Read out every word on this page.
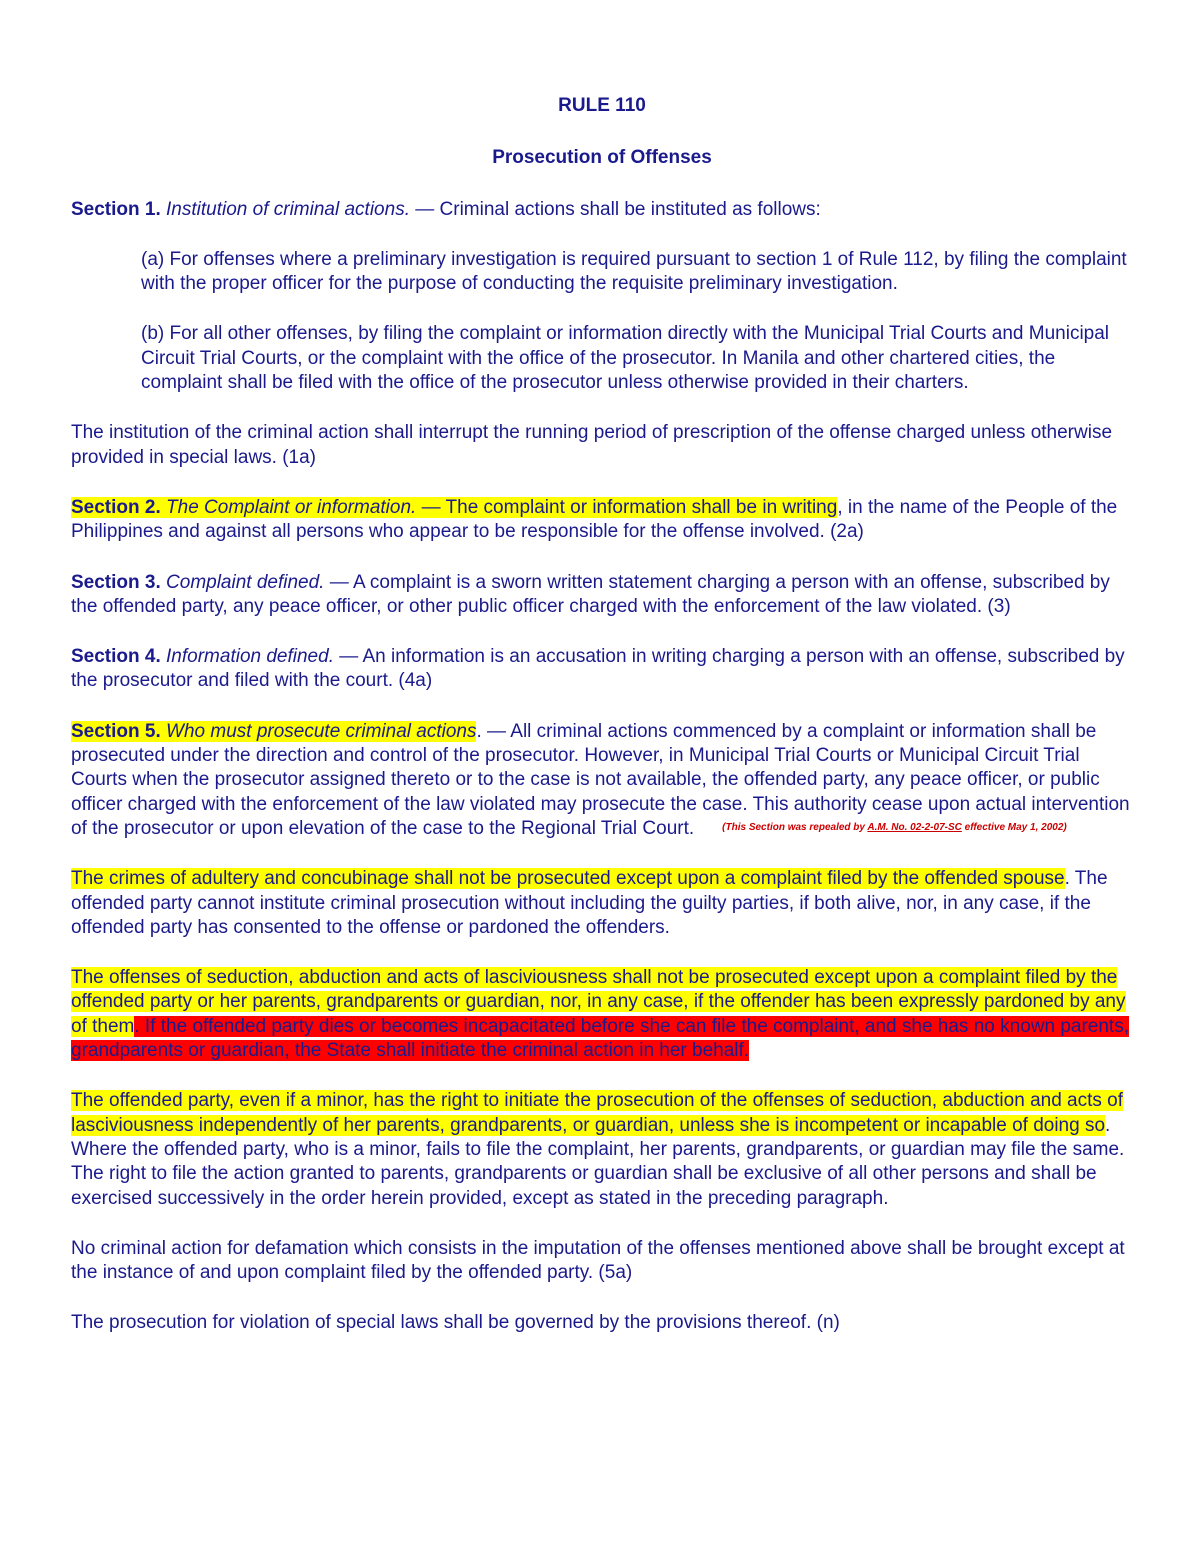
RULE 110

Prosecution of Offenses

Section 1. Institution of criminal actions. — Criminal actions shall be instituted as follows:

(a) For offenses where a preliminary investigation is required pursuant to section 1 of Rule 112, by filing the complaint with the proper officer for the purpose of conducting the requisite preliminary investigation.

(b) For all other offenses, by filing the complaint or information directly with the Municipal Trial Courts and Municipal Circuit Trial Courts, or the complaint with the office of the prosecutor. In Manila and other chartered cities, the complaint shall be filed with the office of the prosecutor unless otherwise provided in their charters.

The institution of the criminal action shall interrupt the running period of prescription of the offense charged unless otherwise provided in special laws. (1a)

Section 2. The Complaint or information. — The complaint or information shall be in writing, in the name of the People of the Philippines and against all persons who appear to be responsible for the offense involved. (2a)

Section 3. Complaint defined. — A complaint is a sworn written statement charging a person with an offense, subscribed by the offended party, any peace officer, or other public officer charged with the enforcement of the law violated. (3)

Section 4. Information defined. — An information is an accusation in writing charging a person with an offense, subscribed by the prosecutor and filed with the court. (4a)

Section 5. Who must prosecute criminal actions. — All criminal actions commenced by a complaint or information shall be prosecuted under the direction and control of the prosecutor. However, in Municipal Trial Courts or Municipal Circuit Trial Courts when the prosecutor assigned thereto or to the case is not available, the offended party, any peace officer, or public officer charged with the enforcement of the law violated may prosecute the case. This authority cease upon actual intervention of the prosecutor or upon elevation of the case to the Regional Trial Court.	$^{(This Section was repealed by A.M. No. 02-2-07-SC effective May 1, 2002)}$

The crimes of adultery and concubinage shall not be prosecuted except upon a complaint filed by the offended spouse. The offended party cannot institute criminal prosecution without including the guilty parties, if both alive, nor, in any case, if the offended party has consented to the offense or pardoned the offenders.

The offenses of seduction, abduction and acts of lasciviousness shall not be prosecuted except upon a complaint filed by the offended party or her parents, grandparents or guardian, nor, in any case, if the offender has been expressly pardoned by any of them. If the offended party dies or becomes incapacitated before she can file the complaint, and she has no known parents, grandparents or guardian, the State shall initiate the criminal action in her behalf.

The offended party, even if a minor, has the right to initiate the prosecution of the offenses of seduction, abduction and acts of lasciviousness independently of her parents, grandparents, or guardian, unless she is incompetent or incapable of doing so. Where the offended party, who is a minor, fails to file the complaint, her parents, grandparents, or guardian may file the same. The right to file the action granted to parents, grandparents or guardian shall be exclusive of all other persons and shall be exercised successively in the order herein provided, except as stated in the preceding paragraph.

No criminal action for defamation which consists in the imputation of the offenses mentioned above shall be brought except at the instance of and upon complaint filed by the offended party. (5a)

The prosecution for violation of special laws shall be governed by the provisions thereof. (n)
